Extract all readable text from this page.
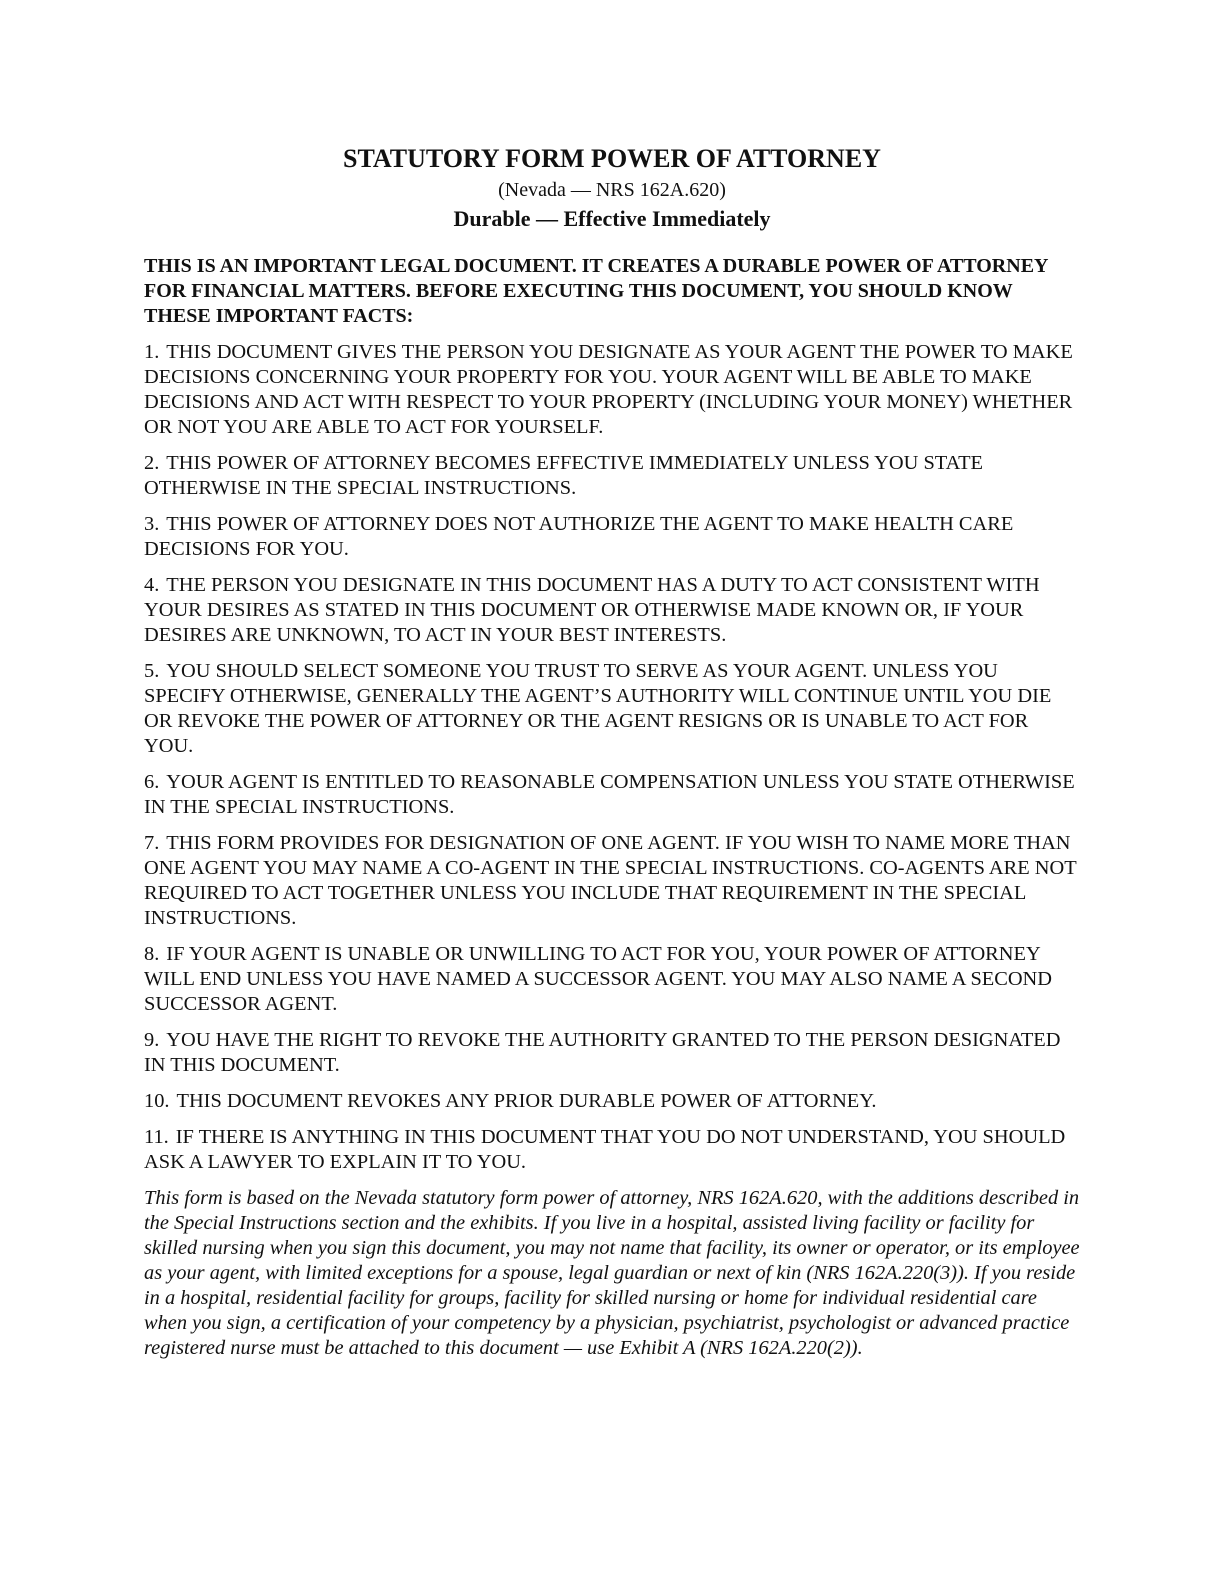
STATUTORY FORM POWER OF ATTORNEY

(Nevada — NRS 162A.620)

Durable — Effective Immediately

THIS IS AN IMPORTANT LEGAL DOCUMENT. IT CREATES A DURABLE POWER OF ATTORNEY FOR FINANCIAL MATTERS. BEFORE EXECUTING THIS DOCUMENT, YOU SHOULD KNOW THESE IMPORTANT FACTS:

1. THIS DOCUMENT GIVES THE PERSON YOU DESIGNATE AS YOUR AGENT THE POWER TO MAKE DECISIONS CONCERNING YOUR PROPERTY FOR YOU. YOUR AGENT WILL BE ABLE TO MAKE DECISIONS AND ACT WITH RESPECT TO YOUR PROPERTY (INCLUDING YOUR MONEY) WHETHER OR NOT YOU ARE ABLE TO ACT FOR YOURSELF.

2. THIS POWER OF ATTORNEY BECOMES EFFECTIVE IMMEDIATELY UNLESS YOU STATE OTHERWISE IN THE SPECIAL INSTRUCTIONS.

3. THIS POWER OF ATTORNEY DOES NOT AUTHORIZE THE AGENT TO MAKE HEALTH CARE DECISIONS FOR YOU.

4. THE PERSON YOU DESIGNATE IN THIS DOCUMENT HAS A DUTY TO ACT CONSISTENT WITH YOUR DESIRES AS STATED IN THIS DOCUMENT OR OTHERWISE MADE KNOWN OR, IF YOUR DESIRES ARE UNKNOWN, TO ACT IN YOUR BEST INTERESTS.

5. YOU SHOULD SELECT SOMEONE YOU TRUST TO SERVE AS YOUR AGENT. UNLESS YOU SPECIFY OTHERWISE, GENERALLY THE AGENT’S AUTHORITY WILL CONTINUE UNTIL YOU DIE OR REVOKE THE POWER OF ATTORNEY OR THE AGENT RESIGNS OR IS UNABLE TO ACT FOR YOU.

6. YOUR AGENT IS ENTITLED TO REASONABLE COMPENSATION UNLESS YOU STATE OTHERWISE IN THE SPECIAL INSTRUCTIONS.

7. THIS FORM PROVIDES FOR DESIGNATION OF ONE AGENT. IF YOU WISH TO NAME MORE THAN ONE AGENT YOU MAY NAME A CO-AGENT IN THE SPECIAL INSTRUCTIONS. CO-AGENTS ARE NOT REQUIRED TO ACT TOGETHER UNLESS YOU INCLUDE THAT REQUIREMENT IN THE SPECIAL INSTRUCTIONS.

8. IF YOUR AGENT IS UNABLE OR UNWILLING TO ACT FOR YOU, YOUR POWER OF ATTORNEY WILL END UNLESS YOU HAVE NAMED A SUCCESSOR AGENT. YOU MAY ALSO NAME A SECOND SUCCESSOR AGENT.

9. YOU HAVE THE RIGHT TO REVOKE THE AUTHORITY GRANTED TO THE PERSON DESIGNATED IN THIS DOCUMENT.

10. THIS DOCUMENT REVOKES ANY PRIOR DURABLE POWER OF ATTORNEY.

11. IF THERE IS ANYTHING IN THIS DOCUMENT THAT YOU DO NOT UNDERSTAND, YOU SHOULD ASK A LAWYER TO EXPLAIN IT TO YOU.

This form is based on the Nevada statutory form power of attorney, NRS 162A.620, with the additions described in the Special Instructions section and the exhibits. If you live in a hospital, assisted living facility or facility for skilled nursing when you sign this document, you may not name that facility, its owner or operator, or its employee as your agent, with limited exceptions for a spouse, legal guardian or next of kin (NRS 162A.220(3)). If you reside in a hospital, residential facility for groups, facility for skilled nursing or home for individual residential care when you sign, a certification of your competency by a physician, psychiatrist, psychologist or advanced practice registered nurse must be attached to this document — use Exhibit A (NRS 162A.220(2)).
